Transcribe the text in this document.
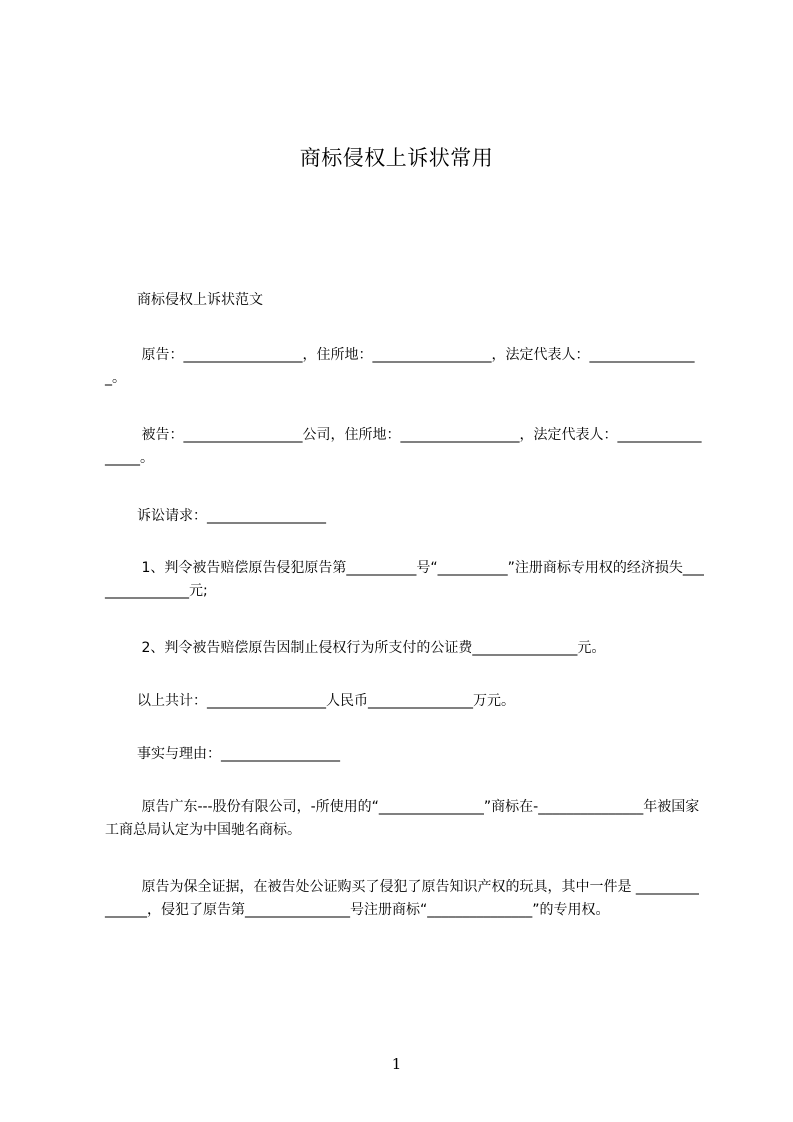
商标侵权上诉状常用
商标侵权上诉状范文
原告：_________________，住所地：_________________，法定代表人：________________。
被告：_________________公司，住所地：_________________，法定代表人：_________________。
诉讼请求：_________________
1、判令被告赔偿原告侵犯原告第__________号“__________”注册商标专用权的经济损失_______________元;
2、判令被告赔偿原告因制止侵权行为所支付的公证费_______________元。
以上共计：_________________人民币_______________万元。
事实与理由：_________________
原告广东---股份有限公司，-所使用的“_______________”商标在-_______________年被国家工商总局认定为中国驰名商标。
原告为保全证据，在被告处公证购买了侵犯了原告知识产权的玩具，其中一件是 _______________，侵犯了原告第_______________号注册商标“_______________”的专用权。
1
